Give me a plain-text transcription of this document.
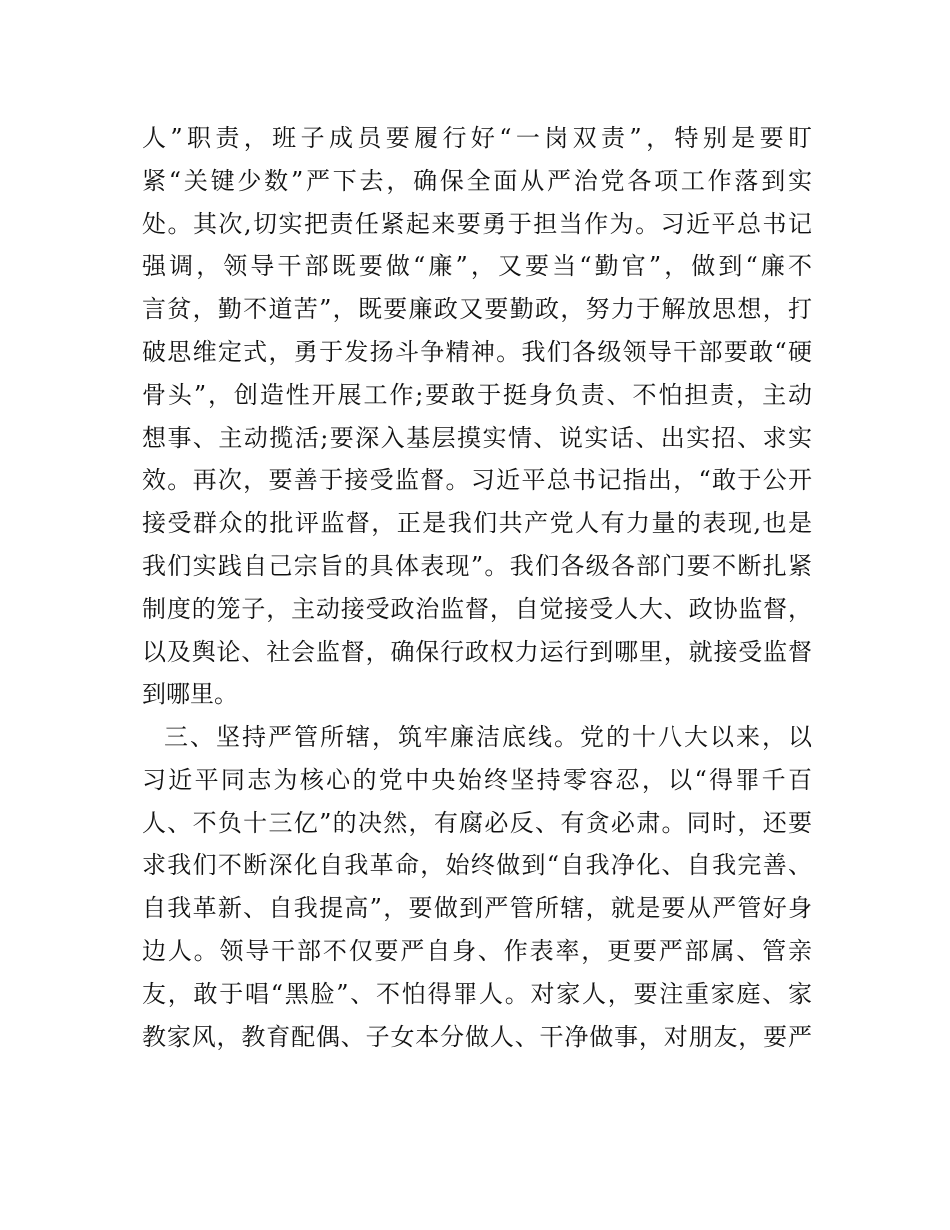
人”职责，班子成员要履行好“一岗双责”，特别是要盯
紧“关键少数”严下去，确保全面从严治党各项工作落到实
处。其次,切实把责任紧起来要勇于担当作为。习近平总书记
强调，领导干部既要做“廉”，又要当“勤官”，做到“廉不
言贫，勤不道苦”，既要廉政又要勤政，努力于解放思想，打
破思维定式，勇于发扬斗争精神。我们各级领导干部要敢“硬
骨头”，创造性开展工作;要敢于挺身负责、不怕担责，主动
想事、主动揽活;要深入基层摸实情、说实话、出实招、求实
效。再次，要善于接受监督。习近平总书记指出，“敢于公开
接受群众的批评监督，正是我们共产党人有力量的表现,也是
我们实践自己宗旨的具体表现”。我们各级各部门要不断扎紧
制度的笼子，主动接受政治监督，自觉接受人大、政协监督，
以及舆论、社会监督，确保行政权力运行到哪里，就接受监督
到哪里。
三、坚持严管所辖，筑牢廉洁底线。党的十八大以来，以
习近平同志为核心的党中央始终坚持零容忍，以“得罪千百
人、不负十三亿”的决然，有腐必反、有贪必肃。同时，还要
求我们不断深化自我革命，始终做到“自我净化、自我完善、
自我革新、自我提高”，要做到严管所辖，就是要从严管好身
边人。领导干部不仅要严自身、作表率，更要严部属、管亲
友，敢于唱“黑脸”、不怕得罪人。对家人，要注重家庭、家
教家风，教育配偶、子女本分做人、干净做事，对朋友，要严
